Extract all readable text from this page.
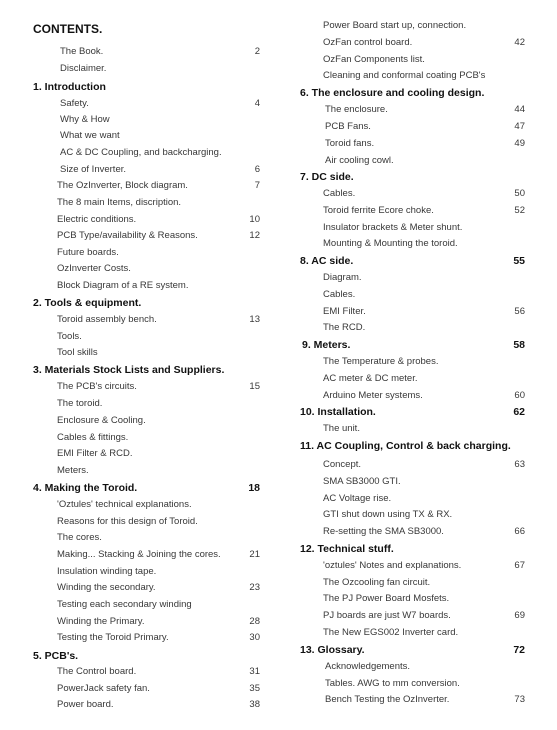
CONTENTS.
The Book.	2
Disclaimer.
1. Introduction
Safety.	4
Why & How
What we want
AC & DC Coupling, and backcharging.
Size of Inverter.	6
The OzInverter, Block diagram.	7
The 8 main Items, discription.
Electric conditions.	10
PCB Type/availability & Reasons.	12
Future boards.
OzInverter Costs.
Block Diagram of a RE system.
2. Tools & equipment.
Toroid assembly bench.	13
Tools.
Tool skills
3. Materials Stock Lists and Suppliers.
The PCB's circuits.	15
The toroid.
Enclosure & Cooling.
Cables & fittings.
EMI Filter & RCD.
Meters.
4. Making the Toroid.	18
'Oztules' technical explanations.
Reasons for this design of Toroid.
The cores.
Making... Stacking & Joining the cores.	21
Insulation winding tape.
Winding the secondary.	23
Testing each secondary winding
Winding the Primary.	28
Testing the Toroid Primary.	30
5. PCB's.
The Control board.	31
PowerJack safety fan.	35
Power board.	38
Power Board start up, connection.
OzFan control board.	42
OzFan Components list.
Cleaning and conformal coating PCB's
6. The enclosure and cooling design.
The enclosure.	44
PCB Fans.	47
Toroid fans.	49
Air cooling cowl.
7. DC side.
Cables.	50
Toroid ferrite Ecore choke.	52
Insulator brackets & Meter shunt.
Mounting & Mounting the toroid.
8. AC side.	55
Diagram.
Cables.
EMI Filter.	56
The RCD.
9. Meters.	58
The Temperature & probes.
AC meter & DC meter.
Arduino Meter systems.	60
10. Installation.	62
The unit.
11. AC Coupling, Control & back charging.
Concept.	63
SMA SB3000 GTI.
AC Voltage rise.
GTI shut down using TX & RX.
Re-setting the SMA SB3000.	66
12. Technical stuff.
'oztules' Notes and explanations.	67
The Ozcooling fan circuit.
The PJ Power Board Mosfets.
PJ boards are just W7 boards.	69
The New EGS002 Inverter card.
13. Glossary.	72
Acknowledgements.
Tables. AWG to mm conversion.
Bench Testing the OzInverter.	73
